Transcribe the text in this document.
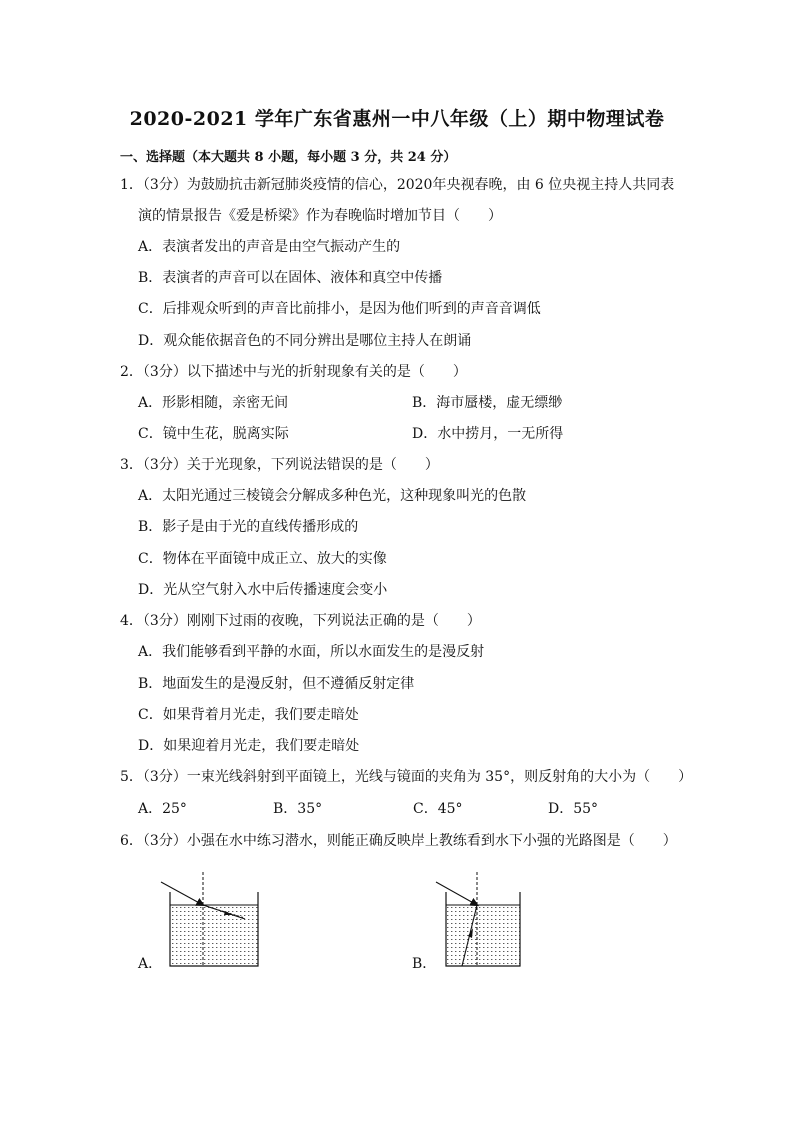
2020-2021 学年广东省惠州一中八年级（上）期中物理试卷
一、选择题（本大题共 8 小题，每小题 3 分，共 24 分）
1．（3分）为鼓励抗击新冠肺炎疫情的信心，2020年央视春晚，由 6 位央视主持人共同表
演的情景报告《爱是桥梁》作为春晚临时增加节目（　　）
A．表演者发出的声音是由空气振动产生的
B．表演者的声音可以在固体、液体和真空中传播
C．后排观众听到的声音比前排小，是因为他们听到的声音音调低
D．观众能依据音色的不同分辨出是哪位主持人在朗诵
2．（3分）以下描述中与光的折射现象有关的是（　　）
A．形影相随，亲密无间	B．海市蜃楼，虚无缥缈
C．镜中生花，脱离实际	D．水中捞月，一无所得
3．（3分）关于光现象，下列说法错误的是（　　）
A．太阳光通过三棱镜会分解成多种色光，这种现象叫光的色散
B．影子是由于光的直线传播形成的
C．物体在平面镜中成正立、放大的实像
D．光从空气射入水中后传播速度会变小
4．（3分）刚刚下过雨的夜晚，下列说法正确的是（　　）
A．我们能够看到平静的水面，所以水面发生的是漫反射
B．地面发生的是漫反射，但不遵循反射定律
C．如果背着月光走，我们要走暗处
D．如果迎着月光走，我们要走暗处
5．（3分）一束光线斜射到平面镜上，光线与镜面的夹角为 35°，则反射角的大小为（　　）
A．25°	B．35°	C．45°	D．55°
6．（3分）小强在水中练习潜水，则能正确反映岸上教练看到水下小强的光路图是（　　）
A．	B．
